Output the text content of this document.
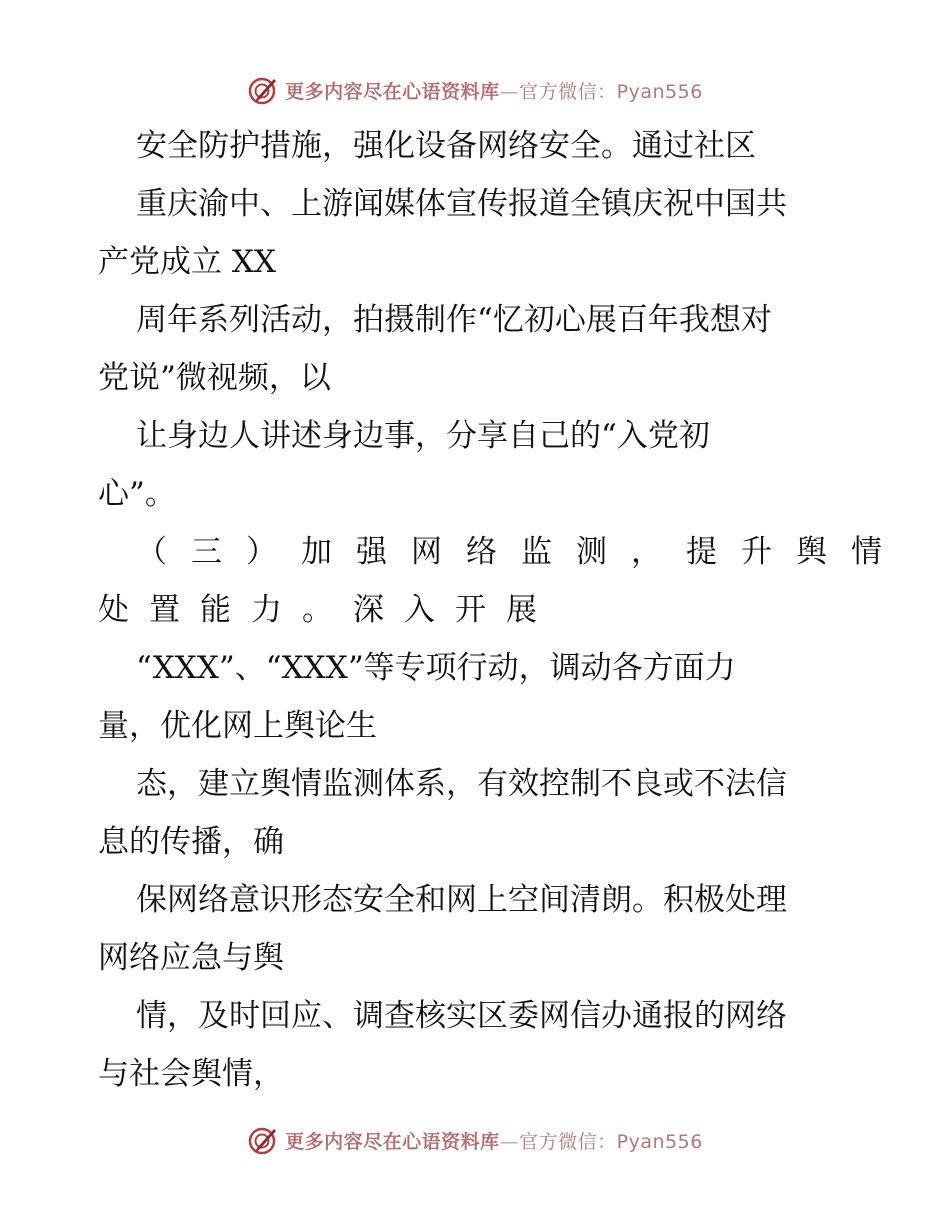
更多内容尽在心语资料库—官方微信：Pyan556
安全防护措施，强化设备网络安全。通过社区
重庆渝中、上游闻媒体宣传报道全镇庆祝中国共
产党成立 XX
周年系列活动，拍摄制作“忆初心展百年我想对
党说”微视频，以
让身边人讲述身边事，分享自己的“入党初
心”。
（三）加强网络监测，提升舆情
处置能力。深入开展
“XXX”、“XXX”等专项行动，调动各方面力
量，优化网上舆论生
态，建立舆情监测体系，有效控制不良或不法信
息的传播，确
保网络意识形态安全和网上空间清朗。积极处理
网络应急与舆
情，及时回应、调查核实区委网信办通报的网络
与社会舆情，
更多内容尽在心语资料库—官方微信：Pyan556
